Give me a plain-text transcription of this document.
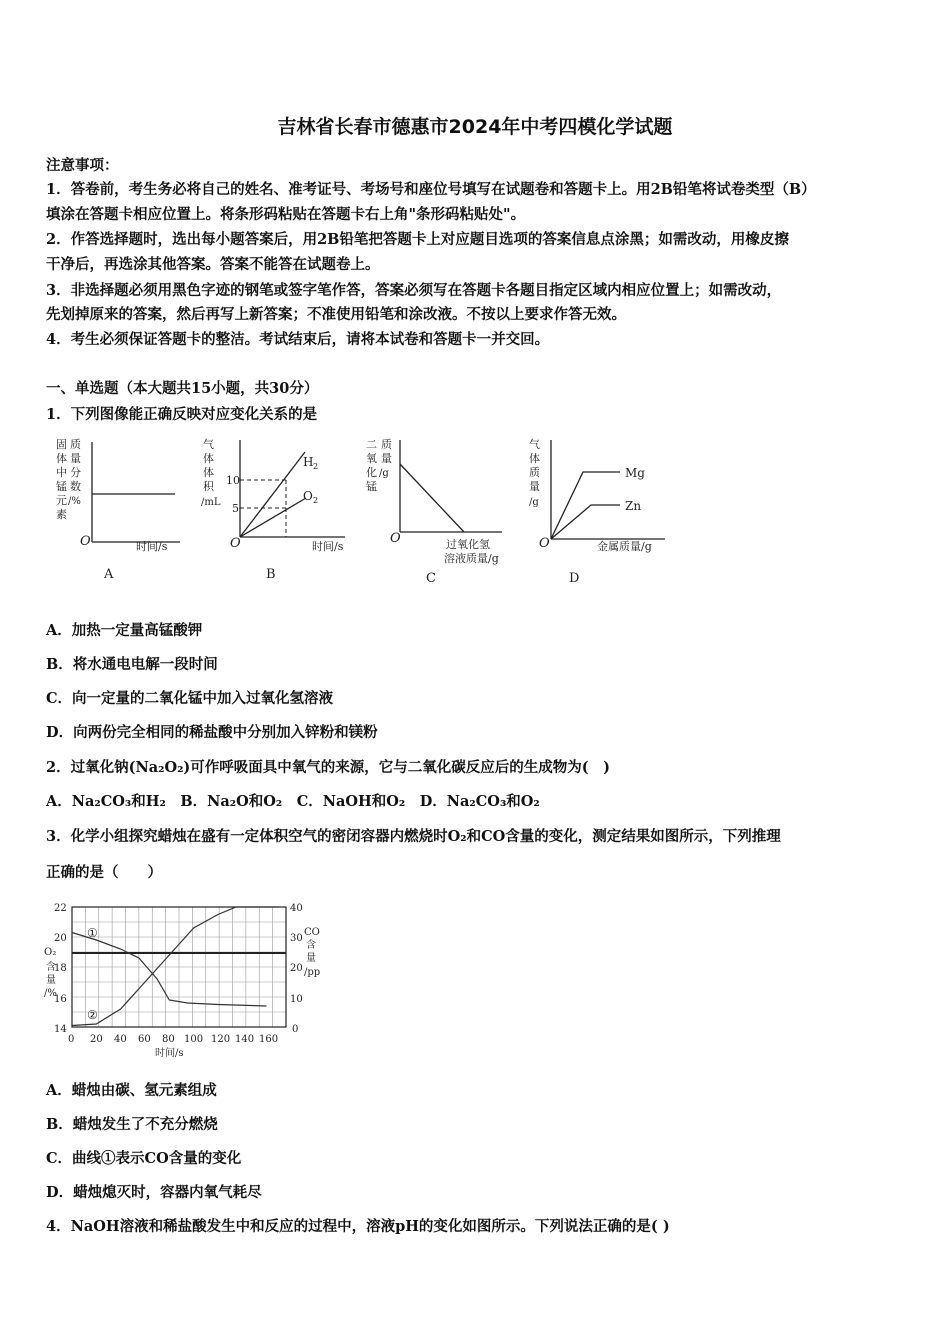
吉林省长春市德惠市2024年中考四模化学试题
注意事项：
1．答卷前，考生务必将自己的姓名、准考证号、考场号和座位号填写在试题卷和答题卡上。用2B铅笔将试卷类型（B）
填涂在答题卡相应位置上。将条形码粘贴在答题卡右上角"条形码粘贴处"。
2．作答选择题时，选出每小题答案后，用2B铅笔把答题卡上对应题目选项的答案信息点涂黑；如需改动，用橡皮擦
干净后，再选涂其他答案。答案不能答在试题卷上。
3．非选择题必须用黑色字迹的钢笔或签字笔作答，答案必须写在答题卡各题目指定区域内相应位置上；如需改动，
先划掉原来的答案，然后再写上新答案；不准使用铅笔和涂改液。不按以上要求作答无效。
4．考生必须保证答题卡的整洁。考试结束后，请将本试卷和答题卡一并交回。
一、单选题（本大题共15小题，共30分）
1．下列图像能正确反映对应变化关系的是
固
体
中
锰
元
素
质
量
分
数
/%
O	时间/s
A
气
体
体
积
/mL
10
5
H 2
O 2
O	时间/s
B
二
氧
化
锰
质
量
/g
O	过氧化氢
溶液质量/g
C
气
体
质
量
/g
Mg
Zn
O	金属质量/g
D
A．加热一定量高锰酸钾
B．将水通电电解一段时间
C．向一定量的二氧化锰中加入过氧化氢溶液
D．向两份完全相同的稀盐酸中分别加入锌粉和镁粉
2．过氧化钠(Na₂O₂)可作呼吸面具中氧气的来源，它与二氧化碳反应后的生成物为(　)
A．Na₂CO₃和H₂　B．Na₂O和O₂　C．NaOH和O₂　D．Na₂CO₃和O₂
3．化学小组探究蜡烛在盛有一定体积空气的密闭容器内燃烧时O₂和CO含量的变化，测定结果如图所示，下列推理
正确的是（　　）
22
20
18
16
14
40
30
20
10
0
0 20 40 60 80 100 120 140 160
时间/s
O₂
含
量
/%
CO
含
量
/pp
①
②
A．蜡烛由碳、氢元素组成
B．蜡烛发生了不充分燃烧
C．曲线①表示CO含量的变化
D．蜡烛熄灭时，容器内氧气耗尽
4．NaOH溶液和稀盐酸发生中和反应的过程中，溶液pH的变化如图所示。下列说法正确的是( )
